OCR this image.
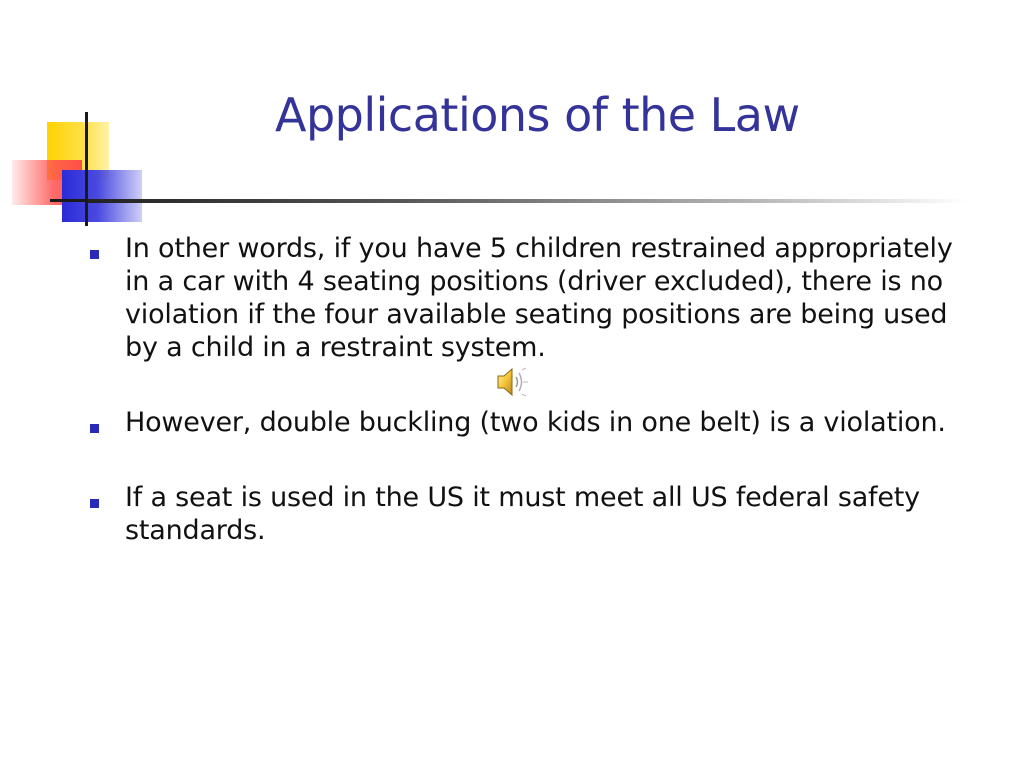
Applications of the Law
In other words, if you have 5 children restrained appropriately in a car with 4 seating positions (driver excluded), there is no violation if the four available seating positions are being used by a child in a restraint system.
However, double buckling (two kids in one belt) is a violation.
If a seat is used in the US it must meet all US federal safety standards.
